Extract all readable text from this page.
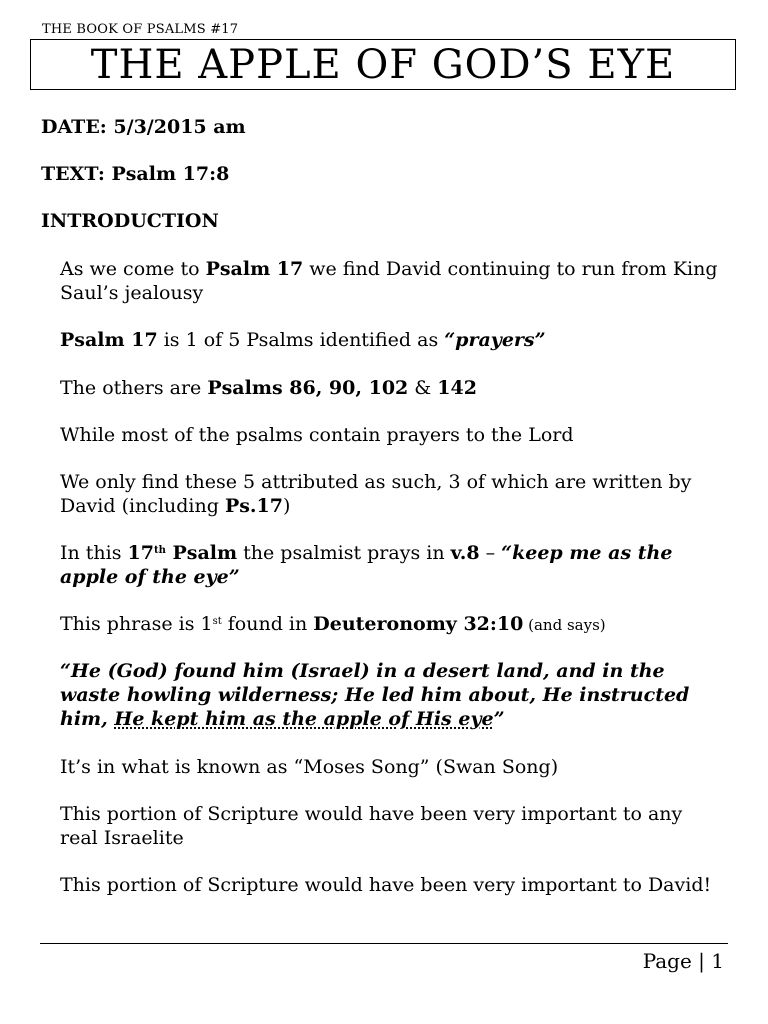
THE BOOK OF PSALMS #17
THE APPLE OF GOD’S EYE
DATE: 5/3/2015 am
TEXT: Psalm 17:8
INTRODUCTION
As we come to Psalm 17 we find David continuing to run from King Saul’s jealousy
Psalm 17 is 1 of 5 Psalms identified as “prayers”
The others are Psalms 86, 90, 102 & 142
While most of the psalms contain prayers to the Lord
We only find these 5 attributed as such, 3 of which are written by David (including Ps.17)
In this 17th Psalm the psalmist prays in v.8 – “keep me as the apple of the eye”
This phrase is 1st found in Deuteronomy 32:10 (and says)
“He (God) found him (Israel) in a desert land, and in the waste howling wilderness; He led him about, He instructed him, He kept him as the apple of His eye”
It’s in what is known as “Moses Song” (Swan Song)
This portion of Scripture would have been very important to any real Israelite
This portion of Scripture would have been very important to David!
Page | 1
